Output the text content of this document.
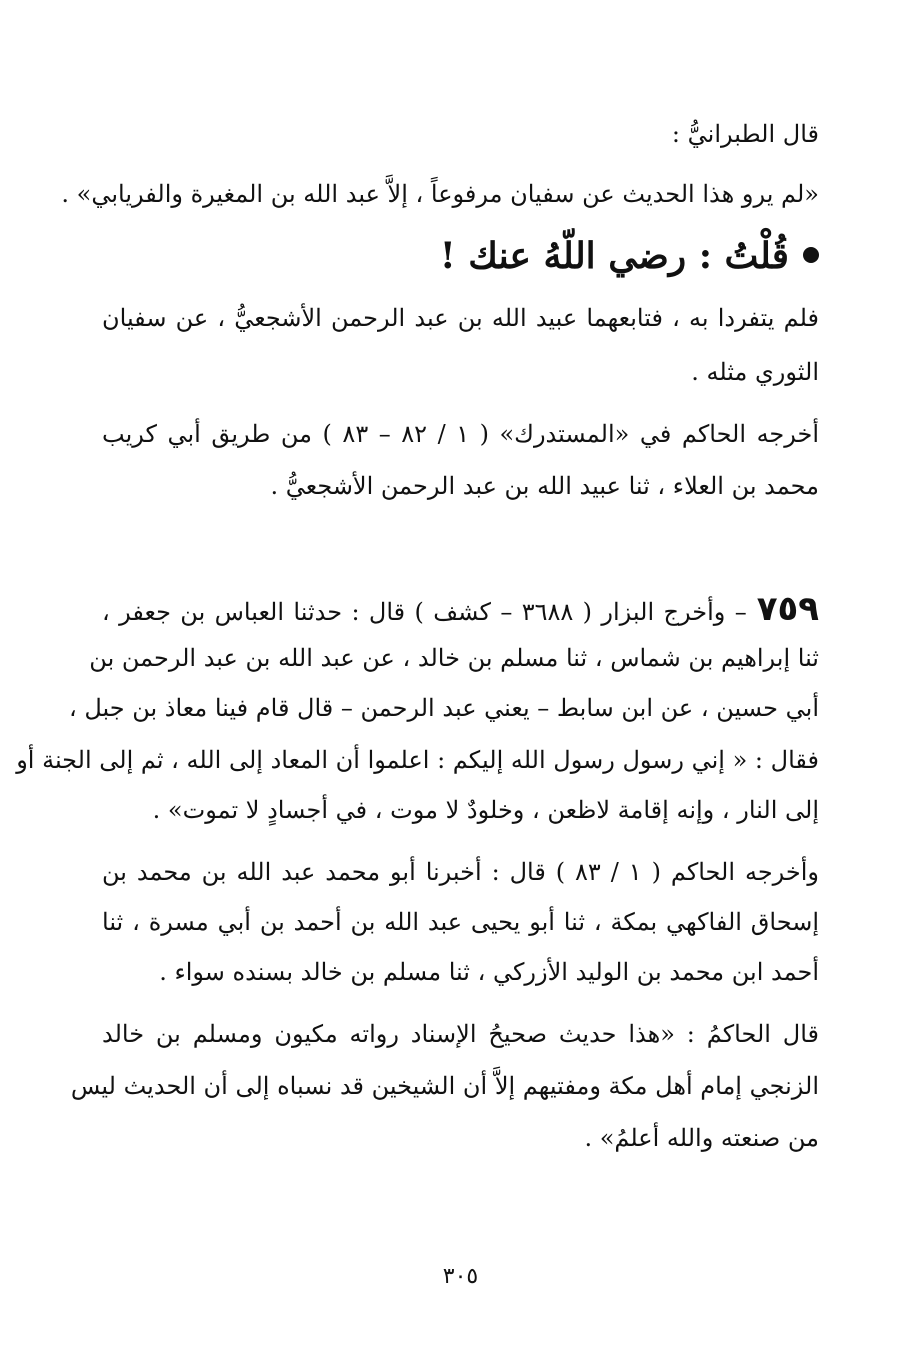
قال الطبرانيُّ :
«لم يرو هذا الحديث عن سفيان مرفوعاً ، إلاَّ عبد الله بن المغيرة والفريابي» .
قُلْتُ : رضي اللّهُ عنك !
فلم يتفردا به ، فتابعهما عبيد الله بن عبد الرحمن الأشجعيُّ ، عن سفيان
الثوري مثله .
أخرجه الحاكم في «المستدرك» ( ١ / ٨٢ – ٨٣ ) من طريق أبي كريب
محمد بن العلاء ، ثنا عبيد الله بن عبد الرحمن الأشجعيُّ .
٧٥٩– وأخرج البزار ( ٣٦٨٨ – كشف ) قال : حدثنا العباس بن جعفر ،
ثنا إبراهيم بن شماس ، ثنا مسلم بن خالد ، عن عبد الله بن عبد الرحمن بن
أبي حسين ، عن ابن سابط – يعني عبد الرحمن – قال قام فينا معاذ بن جبل ،
فقال : « إني رسول رسول الله إليكم : اعلموا أن المعاد إلى الله ، ثم إلى الجنة أو
إلى النار ، وإنه إقامة لاظعن ، وخلودٌ لا موت ، في أجسادٍ لا تموت» .
وأخرجه الحاكم ( ١ / ٨٣ ) قال : أخبرنا أبو محمد عبد الله بن محمد بن
إسحاق الفاكهي بمكة ، ثنا أبو يحيى عبد الله بن أحمد بن أبي مسرة ، ثنا
أحمد ابن محمد بن الوليد الأزركي ، ثنا مسلم بن خالد بسنده سواء .
قال الحاكمُ : «هذا حديث صحيحُ الإسناد رواته مكيون ومسلم بن خالد
الزنجي إمام أهل مكة ومفتيهم إلاَّ أن الشيخين قد نسباه إلى أن الحديث ليس
من صنعته والله أعلمُ» .
٣٠٥
